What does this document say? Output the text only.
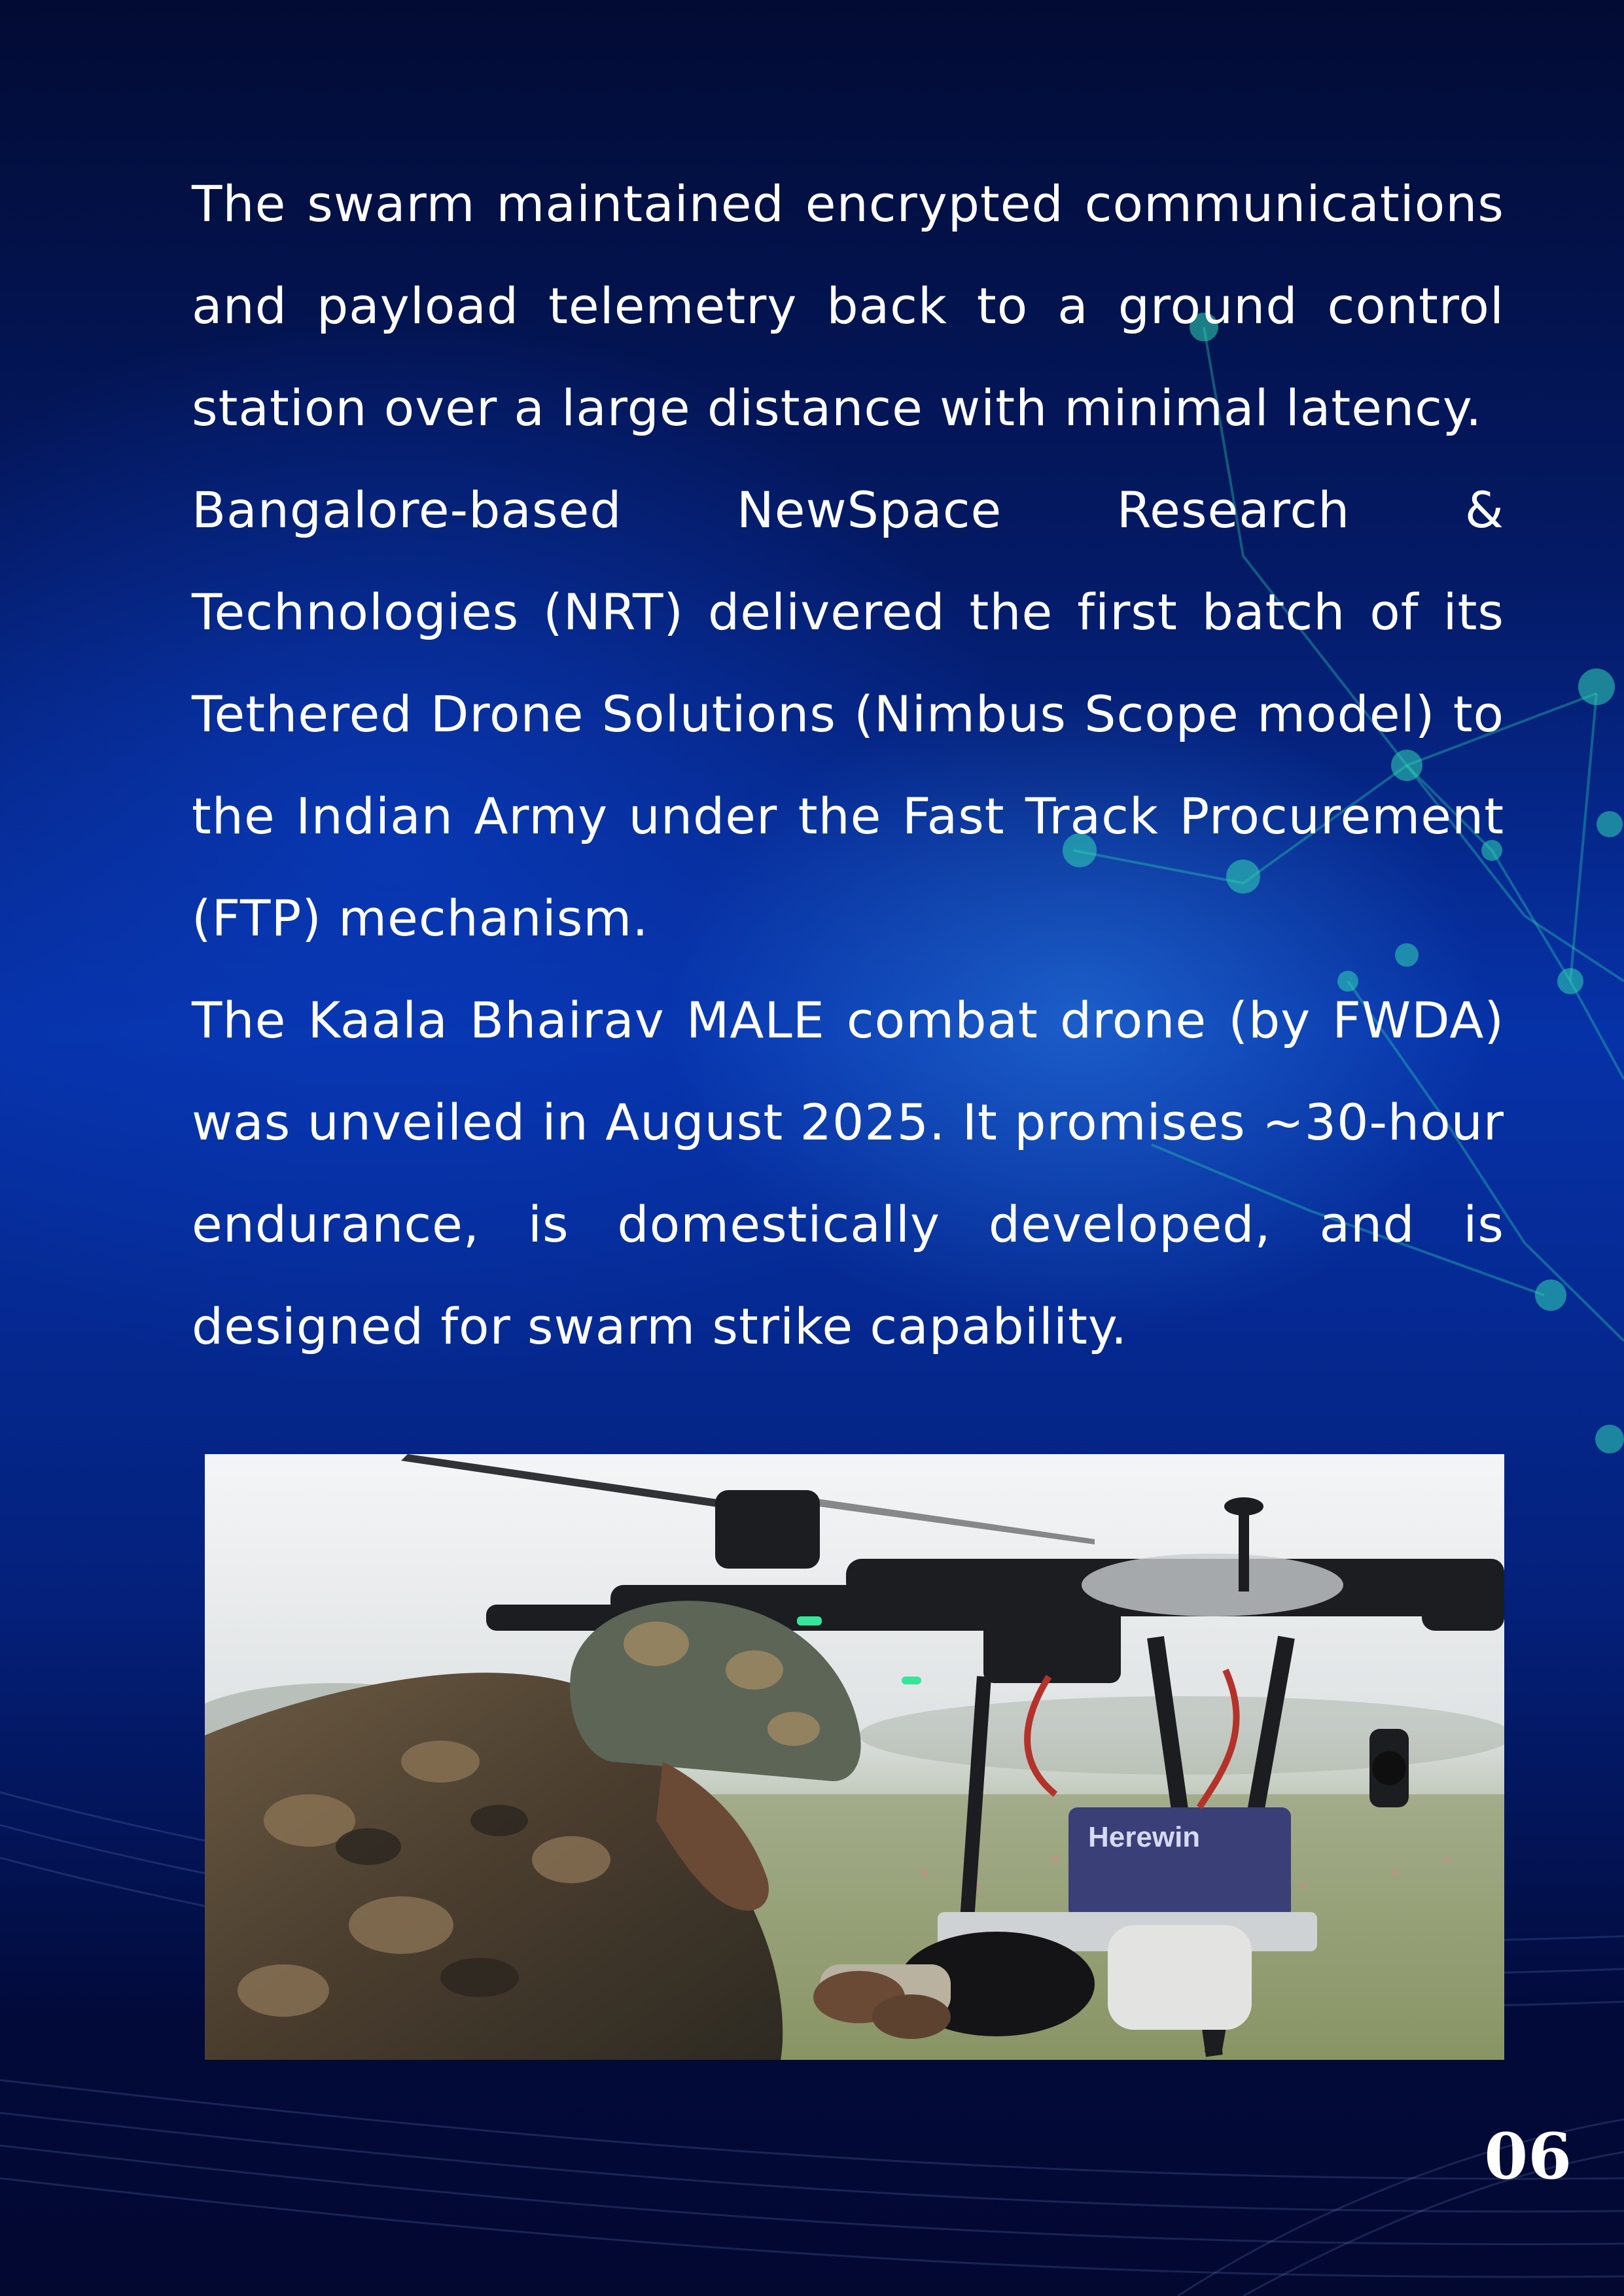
The swarm maintained encrypted communications and payload telemetry back to a ground control station over a large distance with minimal latency.

Bangalore-based NewSpace Research & Technologies (NRT) delivered the first batch of its Tethered Drone Solutions (Nimbus Scope model) to the Indian Army under the Fast Track Procurement (FTP) mechanism.

The Kaala Bhairav MALE combat drone (by FWDA) was unveiled in August 2025. It promises ~30-hour endurance, is domestically developed, and is designed for swarm strike capability.

Herewin
06
